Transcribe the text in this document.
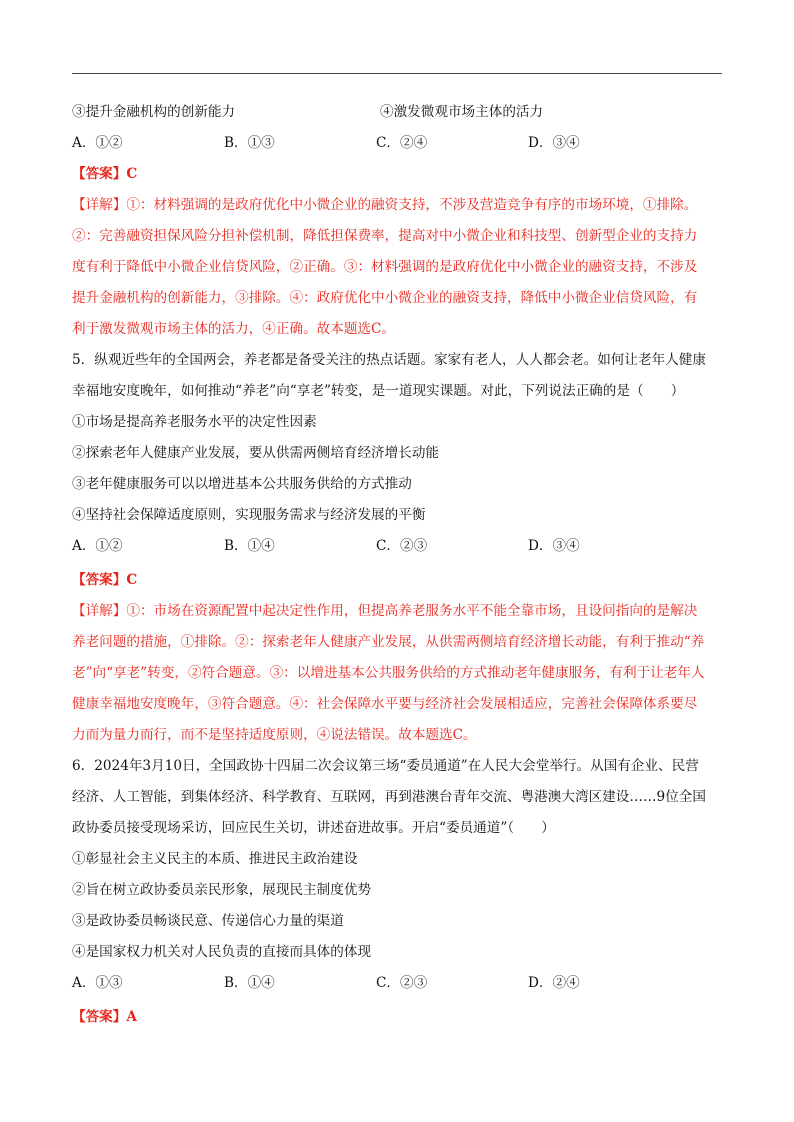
③提升金融机构的创新能力	④激发微观市场主体的活力
A．①②	B．①③	C．②④	D．③④
【答案】C
【详解】①：材料强调的是政府优化中小微企业的融资支持，不涉及营造竞争有序的市场环境，①排除。
②：完善融资担保风险分担补偿机制，降低担保费率，提高对中小微企业和科技型、创新型企业的支持力
度有利于降低中小微企业信贷风险，②正确。③：材料强调的是政府优化中小微企业的融资支持，不涉及
提升金融机构的创新能力，③排除。④：政府优化中小微企业的融资支持，降低中小微企业信贷风险，有
利于激发微观市场主体的活力，④正确。故本题选C。
5．纵观近些年的全国两会，养老都是备受关注的热点话题。家家有老人，人人都会老。如何让老年人健康
幸福地安度晚年，如何推动“养老”向“享老”转变，是一道现实课题。对此，下列说法正确的是（　　）
①市场是提高养老服务水平的决定性因素
②探索老年人健康产业发展，要从供需两侧培育经济增长动能
③老年健康服务可以以增进基本公共服务供给的方式推动
④坚持社会保障适度原则，实现服务需求与经济发展的平衡
A．①②	B．①④	C．②③	D．③④
【答案】C
【详解】①：市场在资源配置中起决定性作用，但提高养老服务水平不能全靠市场，且设问指向的是解决
养老问题的措施，①排除。②：探索老年人健康产业发展，从供需两侧培育经济增长动能，有利于推动“养
老”向“享老”转变，②符合题意。③：以增进基本公共服务供给的方式推动老年健康服务，有利于让老年人
健康幸福地安度晚年，③符合题意。④：社会保障水平要与经济社会发展相适应，完善社会保障体系要尽
力而为量力而行，而不是坚持适度原则，④说法错误。故本题选C。
6．2024年3月10日，全国政协十四届二次会议第三场“委员通道”在人民大会堂举行。从国有企业、民营
经济、人工智能，到集体经济、科学教育、互联网，再到港澳台青年交流、粤港澳大湾区建设……9位全国
政协委员接受现场采访，回应民生关切，讲述奋进故事。开启“委员通道”（　　）
①彰显社会主义民主的本质、推进民主政治建设
②旨在树立政协委员亲民形象，展现民主制度优势
③是政协委员畅谈民意、传递信心力量的渠道
④是国家权力机关对人民负责的直接而具体的体现
A．①③	B．①④	C．②③	D．②④
【答案】A
